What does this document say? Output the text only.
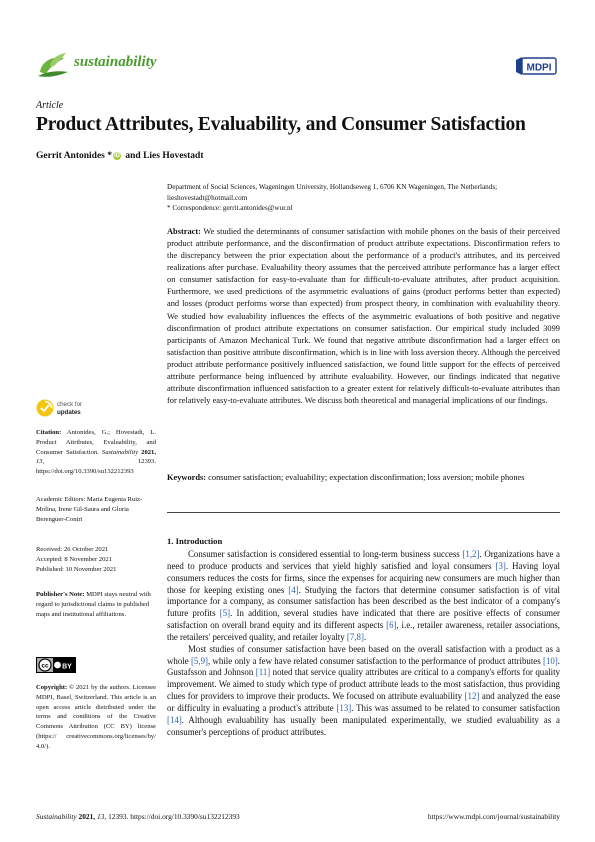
sustainability	MDPI
Article
Product Attributes, Evaluability, and Consumer Satisfaction
Gerrit Antonides * iD and Lies Hovestadt
Department of Social Sciences, Wageningen University, Hollandseweg 1, 6706 KN Wageningen, The Netherlands;
lieshovestadt@hotmail.com
* Correspondence: gerrit.antonides@wur.nl
Abstract: We studied the determinants of consumer satisfaction with mobile phones on the basis of their perceived product attribute performance, and the disconfirmation of product attribute expectations. Disconfirmation refers to the discrepancy between the prior expectation about the performance of a product's attributes, and its perceived realizations after purchase. Evaluability theory assumes that the perceived attribute performance has a larger effect on consumer satisfaction for easy-to-evaluate than for difficult-to-evaluate attributes, after product acquisition. Furthermore, we used predictions of the asymmetric evaluations of gains (product performs better than expected) and losses (product performs worse than expected) from prospect theory, in combination with evaluability theory. We studied how evaluability influences the effects of the asymmetric evaluations of both positive and negative disconfirmation of product attribute expectations on consumer satisfaction. Our empirical study included 3099 participants of Amazon Mechanical Turk. We found that negative attribute disconfirmation had a larger effect on satisfaction than positive attribute disconfirmation, which is in line with loss aversion theory. Although the perceived product attribute performance positively influenced satisfaction, we found little support for the effects of perceived attribute performance being influenced by attribute evaluability. However, our findings indicated that negative attribute disconfirmation influenced satisfaction to a greater extent for relatively difficult-to-evaluate attributes than for relatively easy-to-evaluate attributes. We discuss both theoretical and managerial implications of our findings.
Keywords: consumer satisfaction; evaluability; expectation disconfirmation; loss aversion; mobile phones
check for
updates
Citation: Antonides, G.; Hovestadt, L. Product Attributes, Evaluability, and Consumer Satisfaction. Sustainability 2021, 13, 12393. https://doi.org/10.3390/su132212393
Academic Editors: Maria Eugenia Ruiz-Molina, Irene Gil-Saura and Gloria Berenguer-Contri
Received: 26 October 2021
Accepted: 8 November 2021
Published: 10 November 2021
Publisher's Note: MDPI stays neutral with regard to jurisdictional claims in published maps and institutional affiliations.
cc BY
Copyright: © 2021 by the authors. Licensee MDPI, Basel, Switzerland. This article is an open access article distributed under the terms and conditions of the Creative Commons Attribution (CC BY) license (https:// creativecommons.org/licenses/by/ 4.0/).
1. Introduction

Consumer satisfaction is considered essential to long-term business success [1,2]. Organizations have a need to produce products and services that yield highly satisfied and loyal consumers [3]. Having loyal consumers reduces the costs for firms, since the expenses for acquiring new consumers are much higher than those for keeping existing ones [4]. Studying the factors that determine consumer satisfaction is of vital importance for a company, as consumer satisfaction has been described as the best indicator of a company's future profits [5]. In addition, several studies have indicated that there are positive effects of consumer satisfaction on overall brand equity and its different aspects [6], i.e., retailer awareness, retailer associations, the retailers' perceived quality, and retailer loyalty [7,8].

Most studies of consumer satisfaction have been based on the overall satisfaction with a product as a whole [5,9], while only a few have related consumer satisfaction to the performance of product attributes [10]. Gustafsson and Johnson [11] noted that service quality attributes are critical to a company's efforts for quality improvement. We aimed to study which type of product attribute leads to the most satisfaction, thus providing clues for providers to improve their products. We focused on attribute evaluability [12] and analyzed the ease or difficulty in evaluating a product's attribute [13]. This was assumed to be related to consumer satisfaction [14]. Although evaluability has usually been manipulated experimentally, we studied evaluability as a consumer's perceptions of product attributes.

Sustainability 2021, 13, 12393. https://doi.org/10.3390/su132212393	https://www.mdpi.com/journal/sustainability
